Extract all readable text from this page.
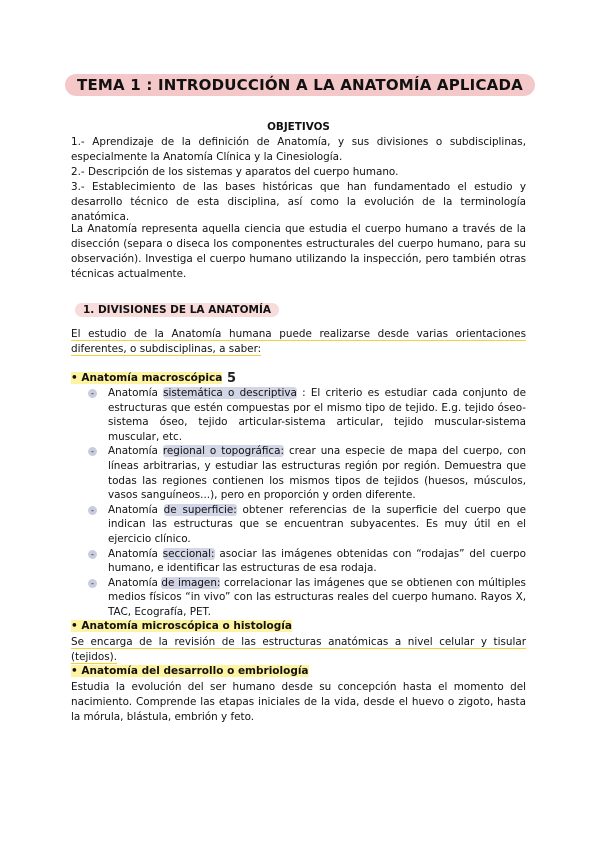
TEMA 1 : INTRODUCCIÓN A LA ANATOMÍA APLICADA
OBJETIVOS
1.- Aprendizaje de la definición de Anatomía, y sus divisiones o subdisciplinas, especialmente la Anatomía Clínica y la Cinesiología.
2.- Descripción de los sistemas y aparatos del cuerpo humano.
3.- Establecimiento de las bases históricas que han fundamentado el estudio y desarrollo técnico de esta disciplina, así como la evolución de la terminología anatómica.
La Anatomía representa aquella ciencia que estudia el cuerpo humano a través de la disección (separa o diseca los componentes estructurales del cuerpo humano, para su observación). Investiga el cuerpo humano utilizando la inspección, pero también otras técnicas actualmente.
1. DIVISIONES DE LA ANATOMÍA
El estudio de la Anatomía humana puede realizarse desde varias orientaciones diferentes, o subdisciplinas, a saber:
• Anatomía macroscópica 5
- Anatomía sistemática o descriptiva : El criterio es estudiar cada conjunto de estructuras que estén compuestas por el mismo tipo de tejido. E.g. tejido óseo-sistema óseo, tejido articular-sistema articular, tejido muscular-sistema muscular, etc.
- Anatomía regional o topográfica: crear una especie de mapa del cuerpo, con líneas arbitrarias, y estudiar las estructuras región por región. Demuestra que todas las regiones contienen los mismos tipos de tejidos (huesos, músculos, vasos sanguíneos...), pero en proporción y orden diferente.
- Anatomía de superficie: obtener referencias de la superficie del cuerpo que indican las estructuras que se encuentran subyacentes. Es muy útil en el ejercicio clínico.
- Anatomía seccional: asociar las imágenes obtenidas con “rodajas” del cuerpo humano, e identificar las estructuras de esa rodaja.
- Anatomía de imagen: correlacionar las imágenes que se obtienen con múltiples medios físicos “in vivo” con las estructuras reales del cuerpo humano. Rayos X, TAC, Ecografía, PET.
• Anatomía microscópica o histología
Se encarga de la revisión de las estructuras anatómicas a nivel celular y tisular (tejidos).
• Anatomía del desarrollo o embriología
Estudia la evolución del ser humano desde su concepción hasta el momento del nacimiento. Comprende las etapas iniciales de la vida, desde el huevo o zigoto, hasta la mórula, blástula, embrión y feto.
